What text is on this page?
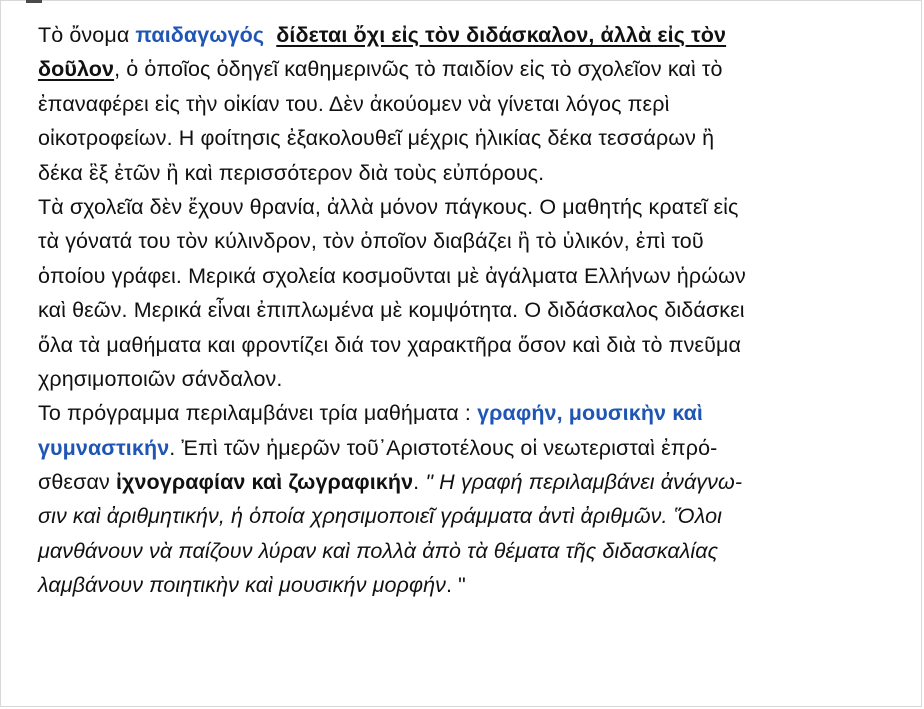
Τὸ ὄνομα παιδαγωγός δίδεται ὄχι εἰς τὸν διδάσκαλον, ἀλλὰ εἰς τὸν
δοῦλον, ὁ ὁποῖος ὁδηγεῖ καθημερινῶς τὸ παιδίον εἰς τὸ σχολεῖον καὶ τὸ
ἐπαναφέρει εἰς τὴν οἰκίαν του. Δὲν ἀκούομεν νὰ γίνεται λόγος περὶ
οἰκοτροφείων. Η φοίτησις ἐξακολουθεῖ μέχρις ἡλικίας δέκα τεσσάρων ἢ
δέκα ἓξ ἐτῶν ἢ καὶ περισσότερον διὰ τοὺς εὐπόρους.
Τὰ σχολεῖα δὲν ἔχουν θρανία, ἀλλὰ μόνον πάγκους. Ο μαθητής κρατεῖ εἰς
τὰ γόνατά του τὸν κύλινδρον, τὸν ὁποῖον διαβάζει ἢ τὸ ὑλικόν, ἐπὶ τοῦ
ὁποίου γράφει. Μερικά σχολεία κοσμοῦνται μὲ ἀγάλματα Ελλήνων ἡρώων
καὶ θεῶν. Μερικά εἶναι ἐπιπλωμένα μὲ κομψότητα. Ο διδάσκαλος διδάσκει
ὅλα τὰ μαθήματα και φροντίζει διά τον χαρακτῆρα ὅσον καὶ διὰ τὸ πνεῦμα
χρησιμοποιῶν σάνδαλον.
Το πρόγραμμα περιλαμβάνει τρία μαθήματα : γραφήν, μουσικὴν καὶ
γυμναστικήν. Ἐπὶ τῶν ἡμερῶν τοῦ᾿Αριστοτέλους οἱ νεωτερισταὶ ἐπρό-
σθεσαν ἰχνογραφίαν καὶ ζωγραφικήν. " Η γραφή περιλαμβάνει ἀνάγνω-
σιν καὶ ἀριθμητικήν, ἡ ὁποία χρησιμοποιεῖ γράμματα ἀντὶ ἀριθμῶν. Ὅλοι
μανθάνουν νὰ παίζουν λύραν καὶ πολλὰ ἀπὸ τὰ θέματα τῆς διδασκαλίας
λαμβάνουν ποιητικὴν καὶ μουσικήν μορφήν. "
